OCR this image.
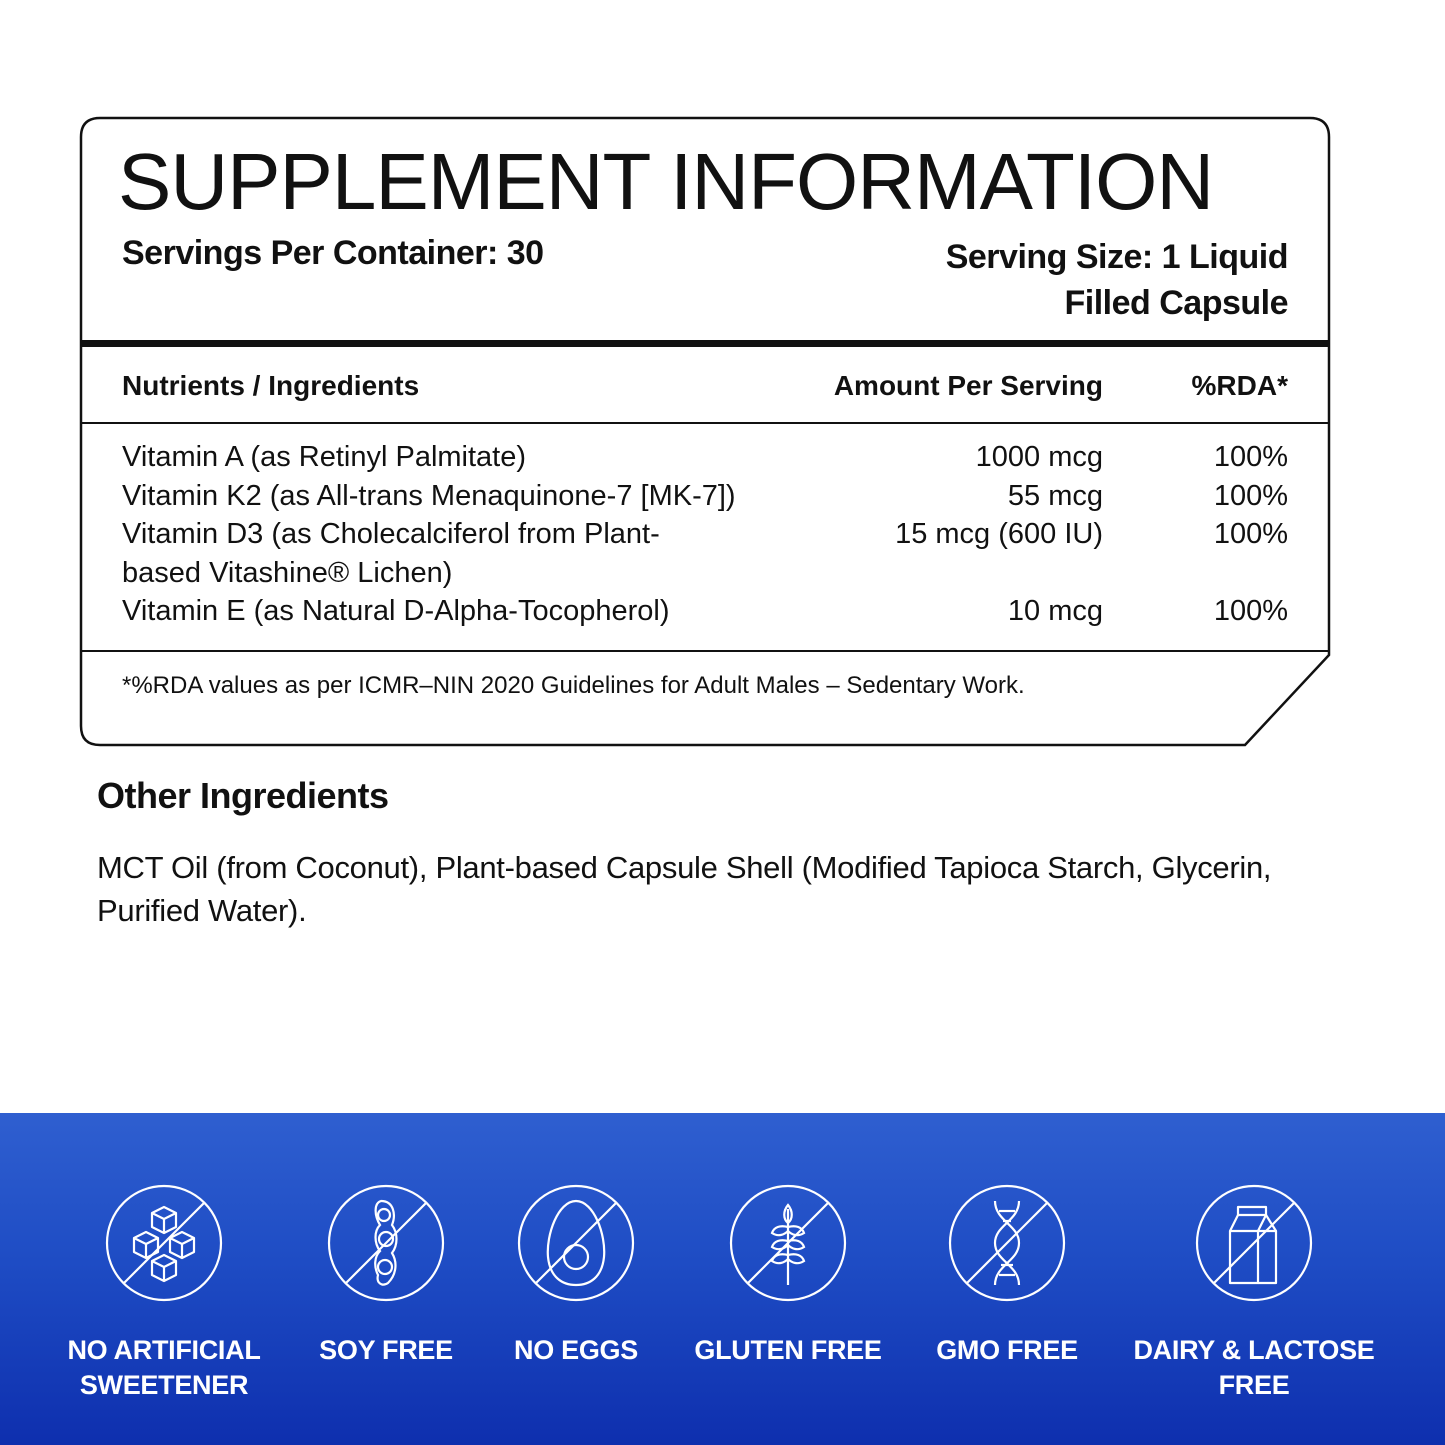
SUPPLEMENT INFORMATION
Servings Per Container: 30	Serving Size: 1 Liquid
Filled Capsule
Nutrients / Ingredients	Amount Per Serving	%RDA*
Vitamin A (as Retinyl Palmitate)	1000 mcg	100%
Vitamin K2 (as All-trans Menaquinone-7 [MK-7])	55 mcg	100%
Vitamin D3 (as Cholecalciferol from Plant-based Vitashine® Lichen)
15 mcg (600 IU)	100%
Vitamin E (as Natural D-Alpha-Tocopherol)	10 mcg	100%
*%RDA values as per ICMR–NIN 2020 Guidelines for Adult Males – Sedentary Work.
Other Ingredients
MCT Oil (from Coconut), Plant-based Capsule Shell (Modified Tapioca Starch, Glycerin, Purified Water).
NO ARTIFICIAL
SWEETENER
SOY FREE	NO EGGS	GLUTEN FREE	GMO FREE	DAIRY & LACTOSE
FREE
